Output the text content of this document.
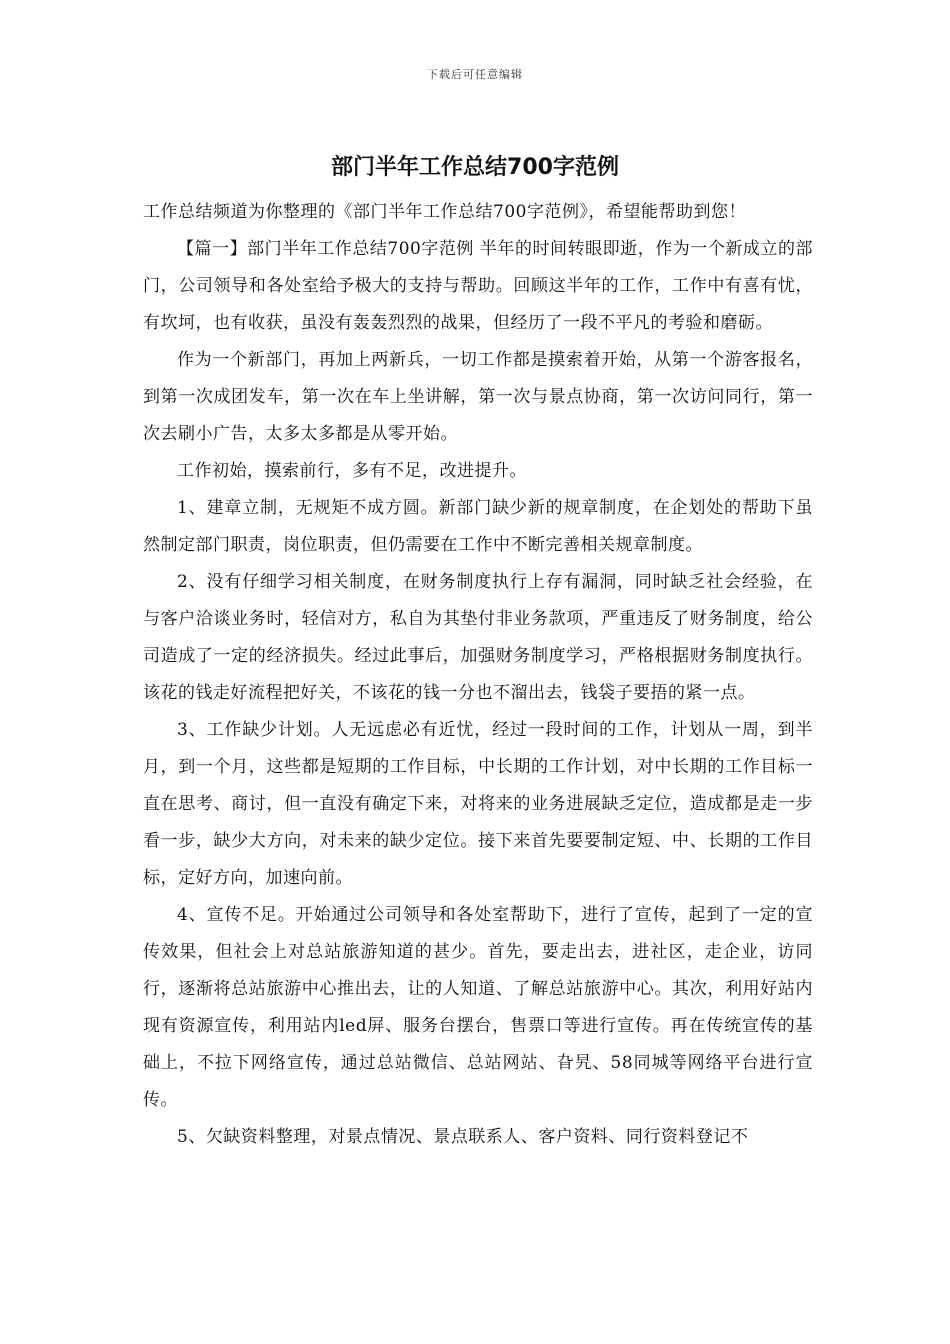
下载后可任意编辑
部门半年工作总结700字范例

工作总结频道为你整理的《部门半年工作总结700字范例》，希望能帮助到您！

【篇一】部门半年工作总结700字范例 半年的时间转眼即逝，作为一个新成立的部门，公司领导和各处室给予极大的支持与帮助。回顾这半年的工作，工作中有喜有忧，有坎坷，也有收获，虽没有轰轰烈烈的战果，但经历了一段不平凡的考验和磨砺。

作为一个新部门，再加上两新兵，一切工作都是摸索着开始，从第一个游客报名，到第一次成团发车，第一次在车上坐讲解，第一次与景点协商，第一次访问同行，第一次去刷小广告，太多太多都是从零开始。

工作初始，摸索前行，多有不足，改进提升。

1、建章立制，无规矩不成方圆。新部门缺少新的规章制度，在企划处的帮助下虽然制定部门职责，岗位职责，但仍需要在工作中不断完善相关规章制度。

2、没有仔细学习相关制度，在财务制度执行上存有漏洞，同时缺乏社会经验，在与客户洽谈业务时，轻信对方，私自为其垫付非业务款项，严重违反了财务制度，给公司造成了一定的经济损失。经过此事后，加强财务制度学习，严格根据财务制度执行。该花的钱走好流程把好关，不该花的钱一分也不溜出去，钱袋子要捂的紧一点。

3、工作缺少计划。人无远虑必有近忧，经过一段时间的工作，计划从一周，到半月，到一个月，这些都是短期的工作目标，中长期的工作计划，对中长期的工作目标一直在思考、商讨，但一直没有确定下来，对将来的业务进展缺乏定位，造成都是走一步看一步，缺少大方向，对未来的缺少定位。接下来首先要要制定短、中、长期的工作目标，定好方向，加速向前。

4、宣传不足。开始通过公司领导和各处室帮助下，进行了宣传，起到了一定的宣传效果，但社会上对总站旅游知道的甚少。首先，要走出去，进社区，走企业，访同行，逐渐将总站旅游中心推出去，让的人知道、了解总站旅游中心。其次，利用好站内现有资源宣传，利用站内led屏、服务台摆台，售票口等进行宣传。再在传统宣传的基础上，不拉下网络宣传，通过总站微信、总站网站、旮旯、58同城等网络平台进行宣传。

5、欠缺资料整理，对景点情况、景点联系人、客户资料、同行资料登记不
